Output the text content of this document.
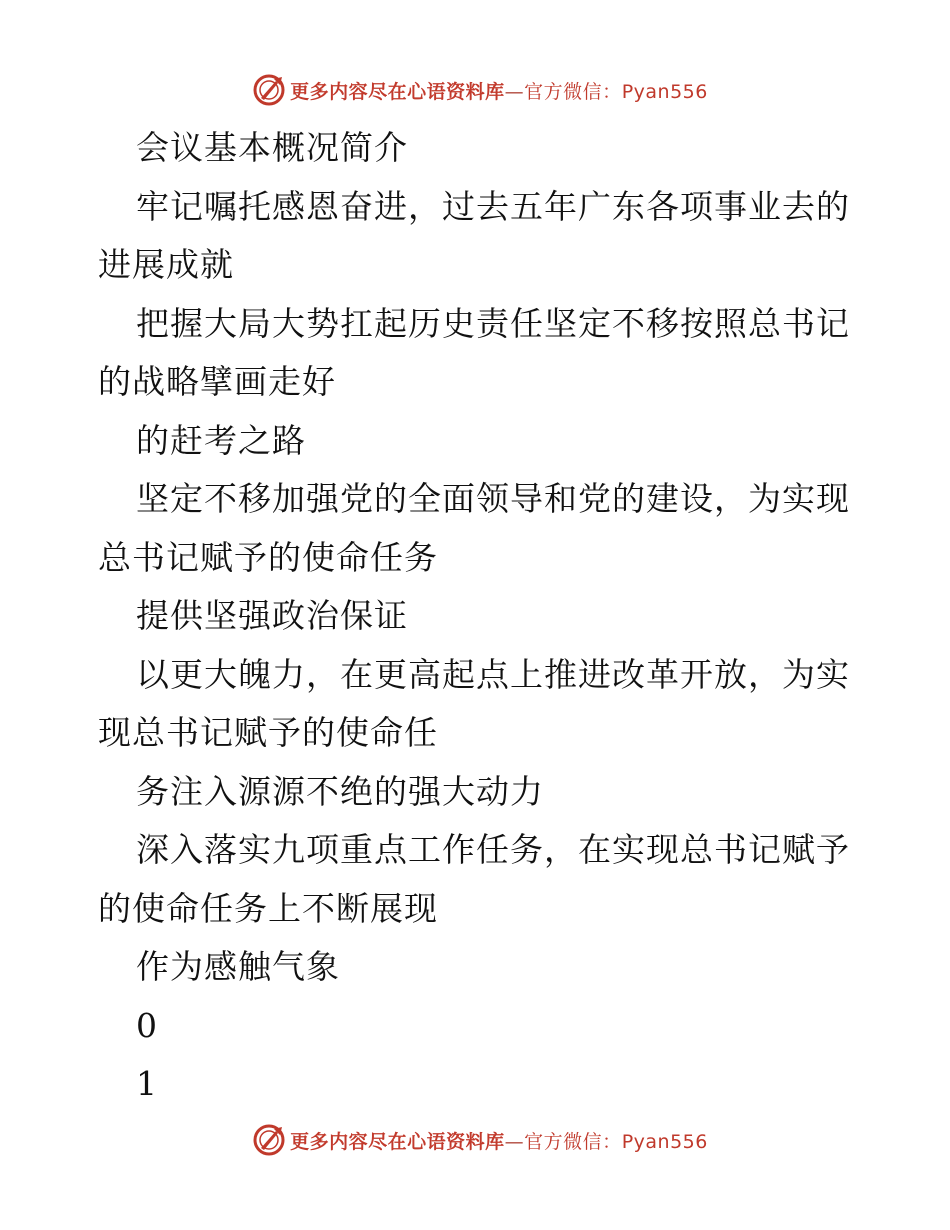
更多内容尽在心语资料库—官方微信：Pyan556

会议基本概况简介

牢记嘱托感恩奋进，过去五年广东各项事业去的进展成就

把握大局大势扛起历史责任坚定不移按照总书记的战略擘画走好

的赶考之路

坚定不移加强党的全面领导和党的建设，为实现总书记赋予的使命任务

提供坚强政治保证

以更大魄力，在更高起点上推进改革开放，为实现总书记赋予的使命任

务注入源源不绝的强大动力

深入落实九项重点工作任务，在实现总书记赋予的使命任务上不断展现

作为感触气象

0

1

更多内容尽在心语资料库—官方微信：Pyan556
